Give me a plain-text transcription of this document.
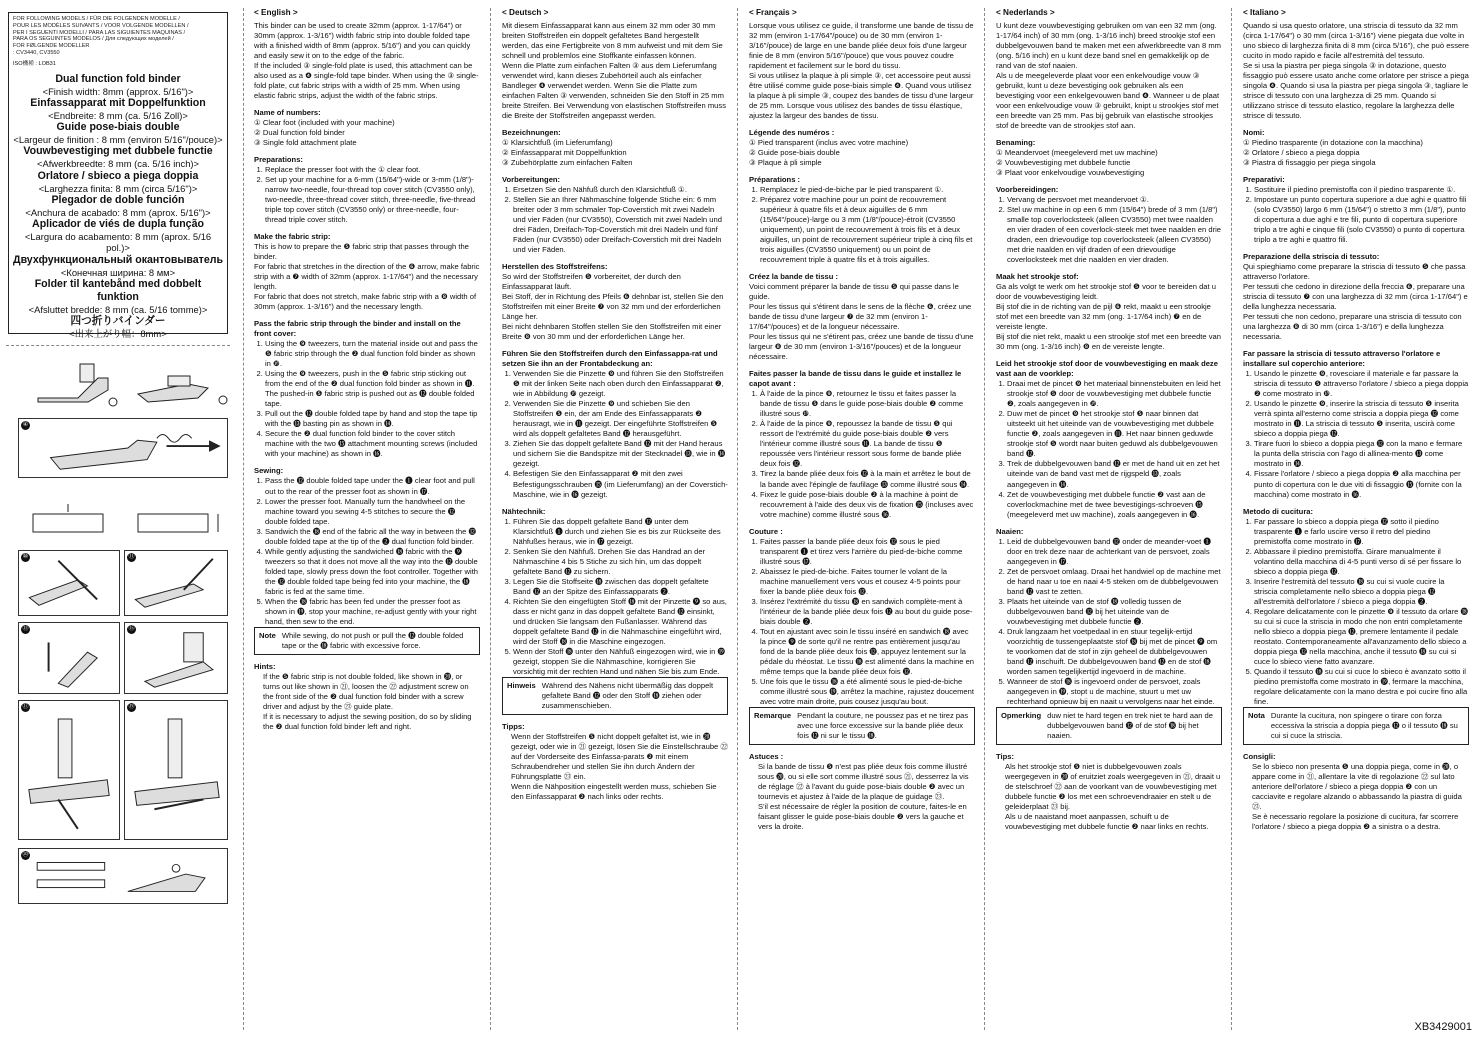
FOR FOLLOWING MODELS / FÜR DIE FOLGENDEN MODELLE /
POUR LES MODÈLES SUIVANTS / VOOR VOLGENDE MODELLEN /
PER I SEGUENTI MODELLI / PARA LAS SIGUIENTES MAQUINAS /
PARA OS SEGUINTES MODELOS / Для следующих моделей /
FOR FØLGENDE MODELLER
: CV3440, CV3550
ISO機種 : LOB31
Dual function fold binder
<Finish width: 8mm (approx. 5/16")>
Einfassapparat mit Doppelfunktion
<Endbreite: 8 mm (ca. 5/16 Zoll)>
Guide pose-biais double
<Largeur de finition : 8 mm (environ 5/16"/pouce)>
Vouwbevestiging met dubbele functie
<Afwerkbreedte: 8 mm (ca. 5/16 inch)>
Orlatore / sbieco a piega doppia
<Larghezza finita: 8 mm (circa 5/16")>
Plegador de doble función
<Anchura de acabado: 8 mm (aprox. 5/16")>
Aplicador de viés de dupla função
<Largura do acabamento: 8 mm (aprox. 5/16 pol.)>
Двухфункциональный окантовыватель
<Конечная ширина: 8 мм>
Folder til kantebånd med dobbelt funktion
<Afsluttet bredde: 8 mm (ca. 5/16 tomme)>
四つ折りバインダー
<出来上がり幅：8mm>
④
⑩	⑪
⑬	⑮
⑰	⑲
⑳

< English >

This binder can be used to create 32mm (approx. 1-17/64") or 30mm (approx. 1-3/16") width fabric strip into double folded tape with a finished width of 8mm (approx. 5/16") and you can quickly and easily sew it on to the edge of the fabric.

If the included ③ single-fold plate is used, this attachment can be also used as a ❹ single-fold tape binder. When using the ③ single-fold plate, cut fabric strips with a width of 25 mm. When using elastic fabric strips, adjust the width of the fabric strips.

Name of numbers:

① Clear foot (included with your machine)

② Dual function fold binder

③ Single fold attachment plate

Preparations:

1. Replace the presser foot with the ① clear foot.
2. Set up your machine for a 6-mm (15/64")-wide or 3-mm (1/8")-narrow two-needle, four-thread top cover stitch (CV3550 only), two-needle, three-thread cover stitch, three-needle, five-thread triple top cover stitch (CV3550 only) or three-needle, four-thread triple cover stitch.

Make the fabric strip:

This is how to prepare the ❺ fabric strip that passes through the binder.

For fabric that stretches in the direction of the ❻ arrow, make fabric strip with a ❼ width of 32mm (approx. 1-17/64") and the necessary length.

For fabric that does not stretch, make fabric strip with a ❽ width of 30mm (approx. 1-3/16") and the necessary length.

Pass the fabric strip through the binder and install on the front cover:

1. Using the ❾ tweezers, turn the material inside out and pass the ❺ fabric strip through the ❷ dual function fold binder as shown in ❿.
2. Using the ❾ tweezers, push in the ❺ fabric strip sticking out from the end of the ❷ dual function fold binder as shown in ⓫. The pushed-in ❺ fabric strip is pushed out as ⓬ double folded tape.
3. Pull out the ⓬ double folded tape by hand and stop the tape tip with the ⓭ basting pin as shown in ⓮.
4. Secure the ❷ dual function fold binder to the cover stitch machine with the two ⓯ attachment mounting screws (included with your machine) as shown in ⓰.

Sewing:

1. Pass the ⓬ double folded tape under the ❶ clear foot and pull out to the rear of the presser foot as shown in ⓱.
2. Lower the presser foot. Manually turn the handwheel on the machine toward you sewing 4-5 stitches to secure the ⓬ double folded tape.
3. Sandwich the ⓲ end of the fabric all the way in between the ⓬ double folded tape at the tip of the ❷ dual function fold binder.
4. While gently adjusting the sandwiched ⓲ fabric with the ❾ tweezers so that it does not move all the way into the ⓬ double folded tape, slowly press down the foot controller. Together with the ⓬ double folded tape being fed into your machine, the ⓲ fabric is fed at the same time.
5. When the ⓲ fabric has been fed under the presser foot as shown in ⓳, stop your machine, re-adjust gently with your right hand, then sew to the end.
Note While sewing, do not push or pull the ⓬ double folded tape or the ⓲ fabric with excessive force.

Hints:

• If the ❺ fabric strip is not double folded, like shown in ⓴, or turns out like shown in ㉑, loosen the ㉒ adjustment screw on the front side of the ❷ dual function fold binder with a screw driver and adjust by the ㉓ guide plate.
• If it is necessary to adjust the sewing position, do so by sliding the ❷ dual function fold binder left and right.

< Deutsch >

Mit diesem Einfassapparat kann aus einem 32 mm oder 30 mm breiten Stoffstreifen ein doppelt gefaltetes Band hergestellt werden, das eine Fertigbreite von 8 mm aufweist und mit dem Sie schnell und problemlos eine Stoffkante einfassen können.

Wenn die Platte zum einfachen Falten ③ aus dem Lieferumfang verwendet wird, kann dieses Zubehörteil auch als einfacher Bandleger ❹ verwendet werden. Wenn Sie die Platte zum einfachen Falten ③ verwenden, schneiden Sie den Stoff in 25 mm breite Streifen. Bei Verwendung von elastischen Stoffstreifen muss die Breite der Stoffstreifen angepasst werden.

Bezeichnungen:

① Klarsichtfuß (im Lieferumfang)

② Einfassapparat mit Doppelfunktion

③ Zubehörplatte zum einfachen Falten

Vorbereitungen:

1. Ersetzen Sie den Nähfuß durch den Klarsichtfuß ①.
2. Stellen Sie an Ihrer Nähmaschine folgende Stiche ein: 6 mm breiter oder 3 mm schmaler Top-Coverstich mit zwei Nadeln und vier Fäden (nur CV3550), Coverstich mit zwei Nadeln und drei Fäden, Dreifach-Top-Coverstich mit drei Nadeln und fünf Fäden (nur CV3550) oder Dreifach-Coverstich mit drei Nadeln und vier Fäden.

Herstellen des Stoffstreifens:

So wird der Stoffstreifen ❺ vorbereitet, der durch den Einfassapparat läuft.

Bei Stoff, der in Richtung des Pfeils ❻ dehnbar ist, stellen Sie den Stoffstreifen mit einer Breite ❼ von 32 mm und der erforderlichen Länge her.

Bei nicht dehnbaren Stoffen stellen Sie den Stoffstreifen mit einer Breite ❽ von 30 mm und der erforderlichen Länge her.

Führen Sie den Stoffstreifen durch den Einfassappa-rat und setzen Sie ihn an der Frontabdeckung an:

1. Verwenden Sie die Pinzette ❾ und führen Sie den Stoffstreifen ❺ mit der linken Seite nach oben durch den Einfassapparat ❷, wie in Abbildung ❿ gezeigt.
2. Verwenden Sie die Pinzette ❾ und schieben Sie den Stoffstreifen ❺ ein, der am Ende des Einfassapparats ❷ herausragt, wie in ⓫ gezeigt. Der eingeführte Stoffstreifen ❺ wird als doppelt gefaltetes Band ⓬ herausgeführt.
3. Ziehen Sie das doppelt gefaltete Band ⓬ mit der Hand heraus und sichern Sie die Bandspitze mit der Stecknadel ⓭, wie in ⓮ gezeigt.
4. Befestigen Sie den Einfassapparat ❷ mit den zwei Befestigungsschrauben ⓯ (im Lieferumfang) an der Coverstich-Maschine, wie in ⓰ gezeigt.

Nähtechnik:

1. Führen Sie das doppelt gefaltete Band ⓬ unter dem Klarsichtfuß ❶ durch und ziehen Sie es bis zur Rückseite des Nähfußes heraus, wie in ⓱ gezeigt.
2. Senken Sie den Nähfuß. Drehen Sie das Handrad an der Nähmaschine 4 bis 5 Stiche zu sich hin, um das doppelt gefaltete Band ⓬ zu sichern.
3. Legen Sie die Stoffseite ⓲ zwischen das doppelt gefaltete Band ⓬ an der Spitze des Einfassapparats ❷.
4. Richten Sie den eingefügten Stoff ⓲ mit der Pinzette ❾ so aus, dass er nicht ganz in das doppelt gefaltete Band ⓬ einsinkt, und drücken Sie langsam den Fußanlasser. Während das doppelt gefaltete Band ⓬ in die Nähmaschine eingeführt wird, wird der Stoff ⓲ in die Maschine eingezogen.
5. Wenn der Stoff ⓲ unter den Nähfuß eingezogen wird, wie in ⓳ gezeigt, stoppen Sie die Nähmaschine, korrigieren Sie vorsichtig mit der rechten Hand und nähen Sie bis zum Ende.
Hinweis Während des Nähens nicht übermäßig das doppelt gefaltete Band ⓬ oder den Stoff ⓲ ziehen oder zusammenschieben.

Tipps:

• Wenn der Stoffstreifen ❺ nicht doppelt gefaltet ist, wie in ⓴ gezeigt, oder wie in ㉑ gezeigt, lösen Sie die Einstellschraube ㉒ auf der Vorderseite des Einfassa-parats ❷ mit einem Schraubendreher und stellen Sie ihn durch Ändern der Führungsplatte ㉓ ein.
• Wenn die Nähposition eingestellt werden muss, schieben Sie den Einfassapparat ❷ nach links oder rechts.

< Français >

Lorsque vous utilisez ce guide, il transforme une bande de tissu de 32 mm (environ 1-17/64"/pouce) ou de 30 mm (environ 1-3/16"/pouce) de large en une bande pliée deux fois d'une largeur finie de 8 mm (environ 5/16"/pouce) que vous pouvez coudre rapidement et facilement sur le bord du tissu.

Si vous utilisez la plaque à pli simple ③, cet accessoire peut aussi être utilisé comme guide pose-biais simple ❹. Quand vous utilisez la plaque à pli simple ③, coupez des bandes de tissu d'une largeur de 25 mm. Lorsque vous utilisez des bandes de tissu élastique, ajustez la largeur des bandes de tissu.

Légende des numéros :

① Pied transparent (inclus avec votre machine)

② Guide pose-biais double

③ Plaque à pli simple

Préparations :

1. Remplacez le pied-de-biche par le pied transparent ①.
2. Préparez votre machine pour un point de recouvrement supérieur à quatre fils et à deux aiguilles de 6 mm (15/64"/pouce)-large ou 3 mm (1/8"/pouce)-étroit (CV3550 uniquement), un point de recouvrement à trois fils et à deux aiguilles, un point de recouvrement supérieur triple à cinq fils et trois aiguilles (CV3550 uniquement) ou un point de recouvrement triple à quatre fils et à trois aiguilles.

Créez la bande de tissu :

Voici comment préparer la bande de tissu ❺ qui passe dans le guide.

Pour les tissus qui s'étirent dans le sens de la flèche ❻, créez une bande de tissu d'une largeur ❼ de 32 mm (environ 1-17/64"/pouces) et de la longueur nécessaire.

Pour les tissus qui ne s'étirent pas, créez une bande de tissu d'une largeur ❽ de 30 mm (environ 1-3/16"/pouces) et de la longueur nécessaire.

Faites passer la bande de tissu dans le guide et installez le capot avant :

1. À l'aide de la pince ❾, retournez le tissu et faites passer la bande de tissu ❺ dans le guide pose-biais double ❷ comme illustré sous ❿.
2. À l'aide de la pince ❾, repoussez la bande de tissu ❺ qui ressort de l'extrémité du guide pose-biais double ❷ vers l'intérieur comme illustré sous ⓫. La bande de tissu ❺ repoussée vers l'intérieur ressort sous forme de bande pliée deux fois ⓬.
3. Tirez la bande pliée deux fois ⓬ à la main et arrêtez le bout de la bande avec l'épingle de faufilage ⓭ comme illustré sous ⓮.
4. Fixez le guide pose-biais double ❷ à la machine à point de recouvrement à l'aide des deux vis de fixation ⓯ (incluses avec votre machine) comme illustré sous ⓰.

Couture :

1. Faites passer la bande pliée deux fois ⓬ sous le pied transparent ❶ et tirez vers l'arrière du pied-de-biche comme illustré sous ⓱.
2. Abaissez le pied-de-biche. Faites tourner le volant de la machine manuellement vers vous et cousez 4-5 points pour fixer la bande pliée deux fois ⓬.
3. Insérez l'extrémité du tissu ⓲ en sandwich complète-ment à l'intérieur de la bande pliée deux fois ⓬ au bout du guide pose-biais double ❷.
4. Tout en ajustant avec soin le tissu inséré en sandwich ⓲ avec la pince ❾ de sorte qu'il ne rentre pas entièrement jusqu'au fond de la bande pliée deux fois ⓬, appuyez lentement sur la pédale du rhéostat. Le tissu ⓲ est alimenté dans la machine en même temps que la bande pliée deux fois ⓬.
5. Une fois que le tissu ⓲ a été alimenté sous le pied-de-biche comme illustré sous ⓳, arrêtez la machine, rajustez doucement avec votre main droite, puis cousez jusqu'au bout.
Remarque Pendant la couture, ne poussez pas et ne tirez pas avec une force excessive sur la bande pliée deux fois ⓬ ni sur le tissu ⓲.

Astuces :

• Si la bande de tissu ❺ n'est pas pliée deux fois comme illustré sous ⓴, ou si elle sort comme illustré sous ㉑, desserrez la vis de réglage ㉒ à l'avant du guide pose-biais double ❷ avec un tournevis et ajustez à l'aide de la plaque de guidage ㉓.
• S'il est nécessaire de régler la position de couture, faites-le en faisant glisser le guide pose-biais double ❷ vers la gauche et vers la droite.

< Nederlands >

U kunt deze vouwbevestiging gebruiken om van een 32 mm (ong. 1-17/64 inch) of 30 mm (ong. 1-3/16 inch) breed strookje stof een dubbelgevouwen band te maken met een afwerkbreedte van 8 mm (ong. 5/16 inch) en u kunt deze band snel en gemakkelijk op de rand van de stof naaien.

Als u de meegeleverde plaat voor een enkelvoudige vouw ③ gebruikt, kunt u deze bevestiging ook gebruiken als een bevestiging voor een enkelgevouwen band ❹. Wanneer u de plaat voor een enkelvoudige vouw ③ gebruikt, knipt u strookjes stof met een breedte van 25 mm. Pas bij gebruik van elastische strookjes stof de breedte van de strookjes stof aan.

Benaming:

① Meandervoet (meegeleverd met uw machine)

② Vouwbevestiging met dubbele functie

③ Plaat voor enkelvoudige vouwbevestiging

Voorbereidingen:

1. Vervang de persvoet met meandervoet ①.
2. Stel uw machine in op een 6 mm (15/64") brede of 3 mm (1/8") smalle top coverlocksteek (alleen CV3550) met twee naalden en vier draden of een coverlock-steek met twee naalden en drie draden, een drievoudige top coverlocksteek (alleen CV3550) met drie naalden en vijf draden of een drievoudige coverlocksteek met drie naalden en vier draden.

Maak het strookje stof:

Ga als volgt te werk om het strookje stof ❺ voor te bereiden dat u door de vouwbevestiging leidt.

Bij stof die in de richting van de pijl ❻ rekt, maakt u een strookje stof met een breedte van 32 mm (ong. 1-17/64 inch) ❼ en de vereiste lengte.

Bij stof die niet rekt, maakt u een strookje stof met een breedte van 30 mm (ong. 1-3/16 inch) ❽ en de vereiste lengte.

Leid het strookje stof door de vouwbevestiging en maak deze vast aan de voorklep:

1. Draai met de pincet ❾ het materiaal binnenstebuiten en leid het strookje stof ❺ door de vouwbevestiging met dubbele functie ❷, zoals aangegeven in ❿.
2. Duw met de pincet ❾ het strookje stof ❺ naar binnen dat uitsteekt uit het uiteinde van de vouwbevestiging met dubbele functie ❷, zoals aangegeven in ⓫. Het naar binnen geduwde strookje stof ❺ wordt naar buiten geduwd als dubbelgevouwen band ⓬.
3. Trek de dubbelgevouwen band ⓬ er met de hand uit en zet het uiteinde van de band vast met de rijgspeld ⓭, zoals aangegeven in ⓮.
4. Zet de vouwbevestiging met dubbele functie ❷ vast aan de coverlockmachine met de twee bevestigings-schroeven ⓯ (meegeleverd met uw machine), zoals aangegeven in ⓰.

Naaien:

1. Leid de dubbelgevouwen band ⓬ onder de meander-voet ❶ door en trek deze naar de achterkant van de persvoet, zoals aangegeven in ⓱.
2. Zet de persvoet omlaag. Draai het handwiel op de machine met de hand naar u toe en naai 4-5 steken om de dubbelgevouwen band ⓬ vast te zetten.
3. Plaats het uiteinde van de stof ⓲ volledig tussen de dubbelgevouwen band ⓬ bij het uiteinde van de vouwbevestiging met dubbele functie ❷.
4. Druk langzaam het voetpedaal in en stuur tegelijk-ertijd voorzichtig de tussengeplaatste stof ⓲ bij met de pincet ❾ om te voorkomen dat de stof in zijn geheel de dubbelgevouwen band ⓬ inschuift. De dubbelgevouwen band ⓬ en de stof ⓲ worden samen tegelijkertijd ingevoerd in de machine.
5. Wanneer de stof ⓲ is ingevoerd onder de persvoet, zoals aangegeven in ⓳, stopt u de machine, stuurt u met uw rechterhand opnieuw bij en naait u vervolgens naar het einde.
Opmerking duw niet te hard tegen en trek niet te hard aan de dubbelgevouwen band ⓬ of de stof ⓲ bij het naaien.

Tips:

• Als het strookje stof ❺ niet is dubbelgevouwen zoals weergegeven in ⓴ of eruitziet zoals weergegeven in ㉑, draait u de stelschroef ㉒ aan de voorkant van de vouwbevestiging met dubbele functie ❷ los met een schroevendraaier en stelt u de geleiderplaat ㉓ bij.
• Als u de naaistand moet aanpassen, schuift u de vouwbevestiging met dubbele functie ❷ naar links en rechts.

< Italiano >

Quando si usa questo orlatore, una striscia di tessuto da 32 mm (circa 1-17/64") o 30 mm (circa 1-3/16") viene piegata due volte in uno sbieco di larghezza finita di 8 mm (circa 5/16"), che può essere cucito in modo rapido e facile all'estremità del tessuto.

Se si usa la piastra per piega singola ③ in dotazione, questo fissaggio può essere usato anche come orlatore per strisce a piega singola ❹. Quando si usa la piastra per piega singola ③, tagliare le strisce di tessuto con una larghezza di 25 mm. Quando si utilizzano strisce di tessuto elastico, regolare la larghezza delle strisce di tessuto.

Nomi:

① Piedino trasparente (in dotazione con la macchina)

② Orlatore / sbieco a piega doppia

③ Piastra di fissaggio per piega singola

Preparativi:

1. Sostituire il piedino premistoffa con il piedino trasparente ①.
2. Impostare un punto copertura superiore a due aghi e quattro fili (solo CV3550) largo 6 mm (15/64") o stretto 3 mm (1/8"), punto di copertura a due aghi e tre fili, punto di copertura superiore triplo a tre aghi e cinque fili (solo CV3550) o punto di copertura triplo a tre aghi e quattro fili.

Preparazione della striscia di tessuto:

Qui spieghiamo come preparare la striscia di tessuto ❺ che passa attraverso l'orlatore.

Per tessuti che cedono in direzione della freccia ❻, preparare una striscia di tessuto ❼ con una larghezza di 32 mm (circa 1-17/64") e della lunghezza necessaria.

Per tessuti che non cedono, preparare una striscia di tessuto con una larghezza ❽ di 30 mm (circa 1-3/16") e della lunghezza necessaria.

Far passare la striscia di tessuto attraverso l'orlatore e installare sul coperchio anteriore:

1. Usando le pinzette ❾, rovesciare il materiale e far passare la striscia di tessuto ❺ attraverso l'orlatore / sbieco a piega doppia ❷ come mostrato in ❿.
2. Usando le pinzette ❾, inserire la striscia di tessuto ❺ inserita verrà spinta all'esterno come striscia a doppia piega ⓬ come mostrato in ⓫. La striscia di tessuto ❺ inserita, uscirà come sbieco a doppia piega ⓬.
3. Tirare fuori lo sbieco a doppia piega ⓬ con la mano e fermare la punta della striscia con l'ago di allinea-mento ⓭ come mostrato in ⓮.
4. Fissare l'orlatore / sbieco a piega doppia ❷ alla macchina per punto di copertura con le due viti di fissaggio ⓯ (fornite con la macchina) come mostrato in ⓰.

Metodo di cucitura:

1. Far passare lo sbieco a doppia piega ⓬ sotto il piedino trasparente ❶ e farlo uscire verso il retro del piedino premistoffa come mostrato in ⓱.
2. Abbassare il piedino premistoffa. Girare manualmente il volantino della macchina di 4-5 punti verso di sé per fissare lo sbieco a doppia piega ⓬.
3. Inserire l'estremità del tessuto ⓲ su cui si vuole cucire la striscia completamente nello sbieco a doppia piega ⓬ all'estremità dell'orlatore / sbieco a piega doppia ❷.
4. Regolare delicatamente con le pinzette ❾ il tessuto da orlare ⓲ su cui si cuce la striscia in modo che non entri completamente nello sbieco a doppia piega ⓬, premere lentamente il pedale reostato. Contemporaneamente all'avanzamento dello sbieco a doppia piega ⓬ nella macchina, anche il tessuto ⓲ su cui si cuce lo sbieco viene fatto avanzare.
5. Quando il tessuto ⓲ su cui si cuce lo sbieco è avanzato sotto il piedino premistoffa come mostrato in ⓳, fermare la macchina, regolare delicatamente con la mano destra e poi cucire fino alla fine.
Nota Durante la cucitura, non spingere o tirare con forza eccessiva la striscia a doppia piega ⓬ o il tessuto ⓲ su cui si cuce la striscia.

Consigli:

• Se lo sbieco non presenta ❺ una doppia piega, come in ⓴, o appare come in ㉑, allentare la vite di regolazione ㉒ sul lato anteriore dell'orlatore / sbieco a piega doppia ❷ con un cacciavite e regolare alzando o abbassando la piastra di guida ㉓.
• Se è necessario regolare la posizione di cucitura, far scorrere l'orlatore / sbieco a piega doppia ❷ a sinistra o a destra.
XB3429001
